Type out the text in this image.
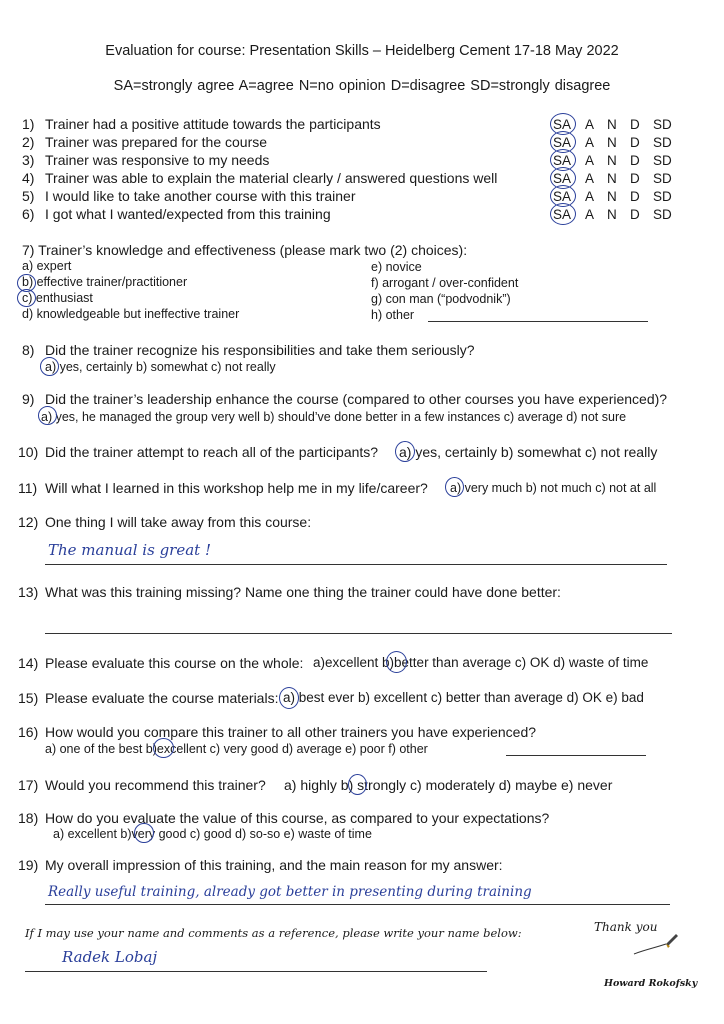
Evaluation for course: Presentation Skills – Heidelberg Cement 17-18 May 2022
SA=strongly agree A=agree N=no opinion D=disagree SD=strongly disagree
1) Trainer had a positive attitude towards the participants
2) Trainer was prepared for the course
3) Trainer was responsive to my needs
4) Trainer was able to explain the material clearly / answered questions well
5) I would like to take another course with this trainer
6) I got what I wanted/expected from this training
SA A N D SD
SA A N D SD
SA A N D SD
SA A N D SD
SA A N D SD
SA A N D SD
7) Trainer’s knowledge and effectiveness (please mark two (2) choices):
a) expert
b) effective trainer/practitioner
c) enthusiast
d) knowledgeable but ineffective trainer
e) novice
f) arrogant / over-confident
g) con man (“podvodnik”)
h) other
8) Did the trainer recognize his responsibilities and take them seriously?
a) yes, certainly b) somewhat c) not really
9) Did the trainer’s leadership enhance the course (compared to other courses you have experienced)?
a) yes, he managed the group very well b) should’ve done better in a few instances c) average d) not sure
10) Did the trainer attempt to reach all of the participants? a) yes, certainly b) somewhat c) not really
11) Will what I learned in this workshop help me in my life/career? a) very much b) not much c) not at all
12) One thing I will take away from this course:
The manual is great !
13) What was this training missing? Name one thing the trainer could have done better:
14) Please evaluate this course on the whole: a)excellent b)better than average c) OK d) waste of time
15) Please evaluate the course materials: a) best ever b) excellent c) better than average d) OK e) bad
16) How would you compare this trainer to all other trainers you have experienced?
a) one of the best b)excellent c) very good d) average e) poor f) other
17) Would you recommend this trainer? a) highly b) strongly c) moderately d) maybe e) never
18) How do you evaluate the value of this course, as compared to your expectations?
a) excellent b)very good c) good d) so-so e) waste of time
19) My overall impression of this training, and the main reason for my answer:
Really useful training, already got better in presenting during training
If I may use your name and comments as a reference, please write your name below:
Radek Lobaj
Thank you
Howard Rokofsky
